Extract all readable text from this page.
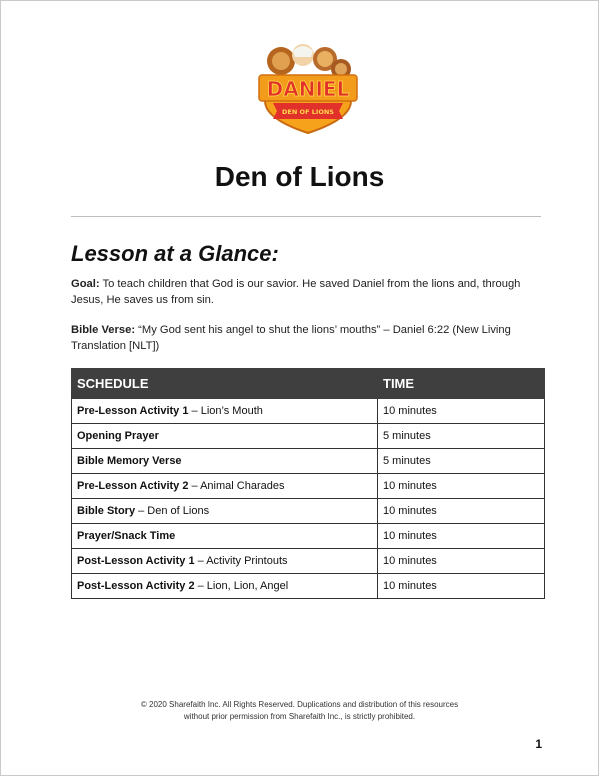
DANIEL
DEN OF LIONS
Den of Lions
Lesson at a Glance:
Goal: To teach children that God is our savior. He saved Daniel from the lions and, through Jesus, He saves us from sin.
Bible Verse: “My God sent his angel to shut the lions’ mouths” – Daniel 6:22 (New Living Translation [NLT])
SCHEDULE	TIME
Pre-Lesson Activity 1 – Lion’s Mouth	10 minutes
Opening Prayer	5 minutes
Bible Memory Verse	5 minutes
Pre-Lesson Activity 2 – Animal Charades	10 minutes
Bible Story – Den of Lions	10 minutes
Prayer/Snack Time	10 minutes
Post-Lesson Activity 1 – Activity Printouts	10 minutes
Post-Lesson Activity 2 – Lion, Lion, Angel	10 minutes
© 2020 Sharefaith Inc. All Rights Reserved. Duplications and distribution of this resources
without prior permission from Sharefaith Inc., is strictly prohibited.
1
